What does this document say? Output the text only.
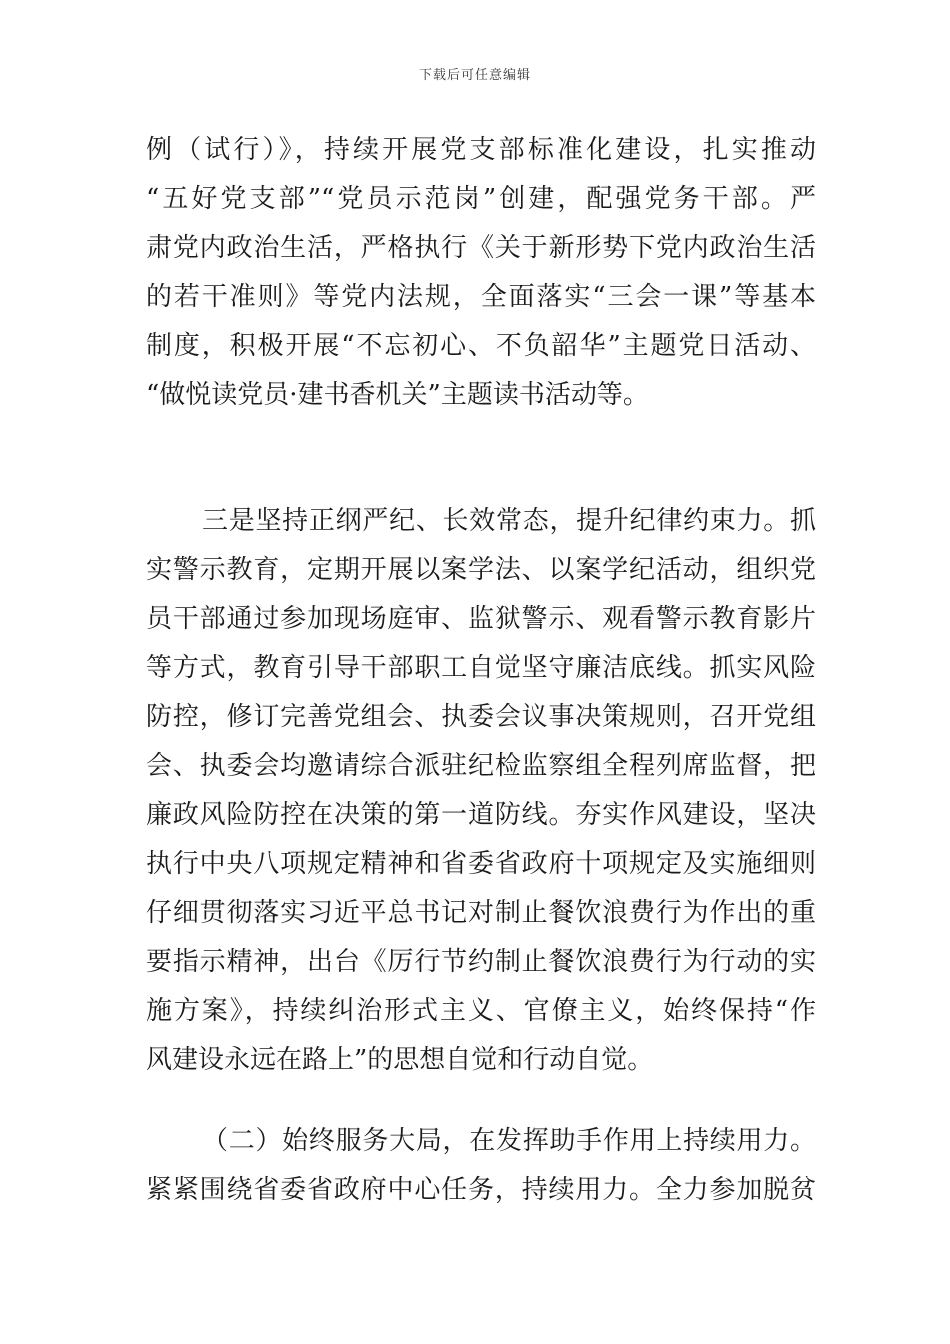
下载后可任意编辑
例（试行）》，持续开展党支部标准化建设，扎实推动
“五好党支部”“党员示范岗”创建，配强党务干部。严
肃党内政治生活，严格执行《关于新形势下党内政治生活
的若干准则》等党内法规，全面落实“三会一课”等基本
制度，积极开展“不忘初心、不负韶华”主题党日活动、
“做悦读党员·建书香机关”主题读书活动等。
三是坚持正纲严纪、长效常态，提升纪律约束力。抓
实警示教育，定期开展以案学法、以案学纪活动，组织党
员干部通过参加现场庭审、监狱警示、观看警示教育影片
等方式，教育引导干部职工自觉坚守廉洁底线。抓实风险
防控，修订完善党组会、执委会议事决策规则，召开党组
会、执委会均邀请综合派驻纪检监察组全程列席监督，把
廉政风险防控在决策的第一道防线。夯实作风建设，坚决
执行中央八项规定精神和省委省政府十项规定及实施细则
仔细贯彻落实习近平总书记对制止餐饮浪费行为作出的重
要指示精神，出台《厉行节约制止餐饮浪费行为行动的实
施方案》，持续纠治形式主义、官僚主义，始终保持“作
风建设永远在路上”的思想自觉和行动自觉。
（二）始终服务大局，在发挥助手作用上持续用力。
紧紧围绕省委省政府中心任务，持续用力。全力参加脱贫
